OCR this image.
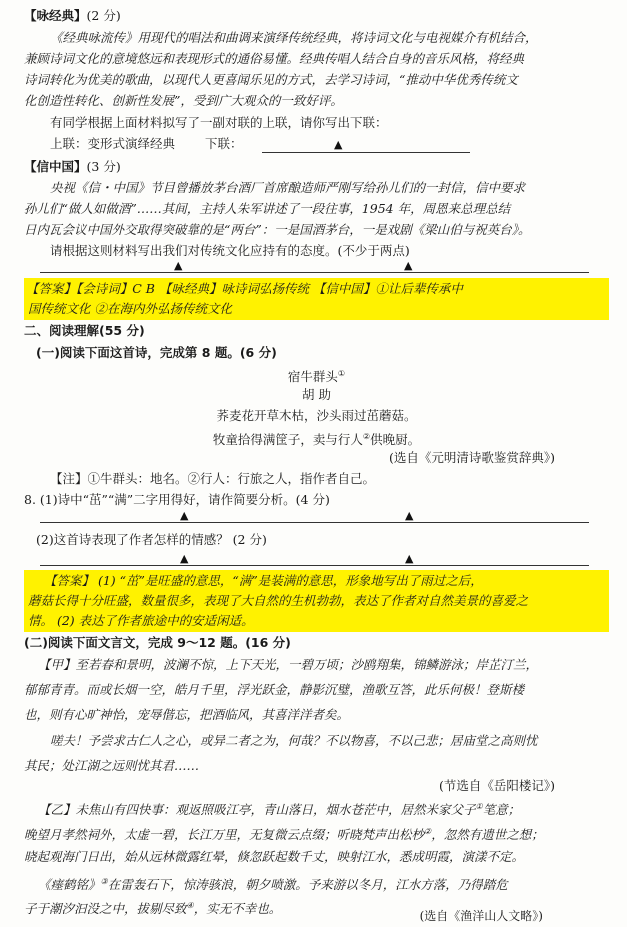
【咏经典】(2 分)
《经典咏流传》用现代的唱法和曲调来演绎传统经典，将诗词文化与电视媒介有机结合，
兼顾诗词文化的意境悠远和表现形式的通俗易懂。经典传唱人结合自身的音乐风格，将经典
诗词转化为优美的歌曲，以现代人更喜闻乐见的方式，去学习诗词，“推动中华优秀传统文
化创造性转化、创新性发展”，受到广大观众的一致好评。
有同学根据上面材料拟写了一副对联的上联，请你写出下联：
上联：变形式演绎经典 下联：	▲
【信中国】(3 分)
央视《信・中国》节目曾播放茅台酒厂首席酿造师严刚写给孙儿们的一封信，信中要求
孙儿们“做人如做酒”……其间，主持人朱军讲述了一段往事，1954 年，周恩来总理总结
日内瓦会议中国外交取得突破靠的是“两台”：一是国酒茅台，一是戏剧《梁山伯与祝英台》。
请根据这则材料写出我们对传统文化应持有的态度。(不少于两点)
▲	▲
【答案】【会诗词】C B 【咏经典】咏诗词弘扬传统 【信中国】①让后辈传承中
国传统文化 ②在海内外弘扬传统文化
二、阅读理解(55 分)
(一)阅读下面这首诗，完成第 8 题。(6 分)
宿牛群头①
胡 助
荞麦花开草木枯，沙头雨过茁蘑菇。
牧童拾得满筐子，卖与行人②供晚厨。
(选自《元明清诗歌鉴赏辞典》)
【注】①牛群头：地名。②行人：行旅之人，指作者自己。
8. (1)诗中“茁”“满”二字用得好，请作简要分析。(4 分)
▲	▲
(2)这首诗表现了作者怎样的情感？ (2 分)
▲	▲
【答案】 (1) “茁”是旺盛的意思，“满”是装满的意思，形象地写出了雨过之后，
蘑菇长得十分旺盛，数量很多，表现了大自然的生机勃勃，表达了作者对自然美景的喜爱之
情。 (2) 表达了作者旅途中的安适闲适。
(二)阅读下面文言文，完成 9～12 题。(16 分)
【甲】至若春和景明，波澜不惊，上下天光，一碧万顷；沙鸥翔集，锦鳞游泳；岸芷汀兰，
郁郁青青。而或长烟一空，皓月千里，浮光跃金，静影沉璧，渔歌互答，此乐何极！登斯楼
也，则有心旷神怡，宠辱偕忘，把酒临风，其喜洋洋者矣。
嗟夫！予尝求古仁人之心，或异二者之为，何哉？不以物喜，不以己悲；居庙堂之高则忧
其民；处江湖之远则忧其君……
(节选自《岳阳楼记》)
【乙】未焦山有四快事：观返照吸江亭，青山落日，烟水苍茫中，居然米家父子①笔意；
晚望月孝然祠外，太虚一碧，长江万里，无复微云点缀；听晓梵声出松杪②，忽然有遗世之想；
晓起观海门日出，始从远林微露红晕，倏忽跃起数千丈，映射江水，悉成明霞，演漾不定。
《瘗鹤铭》③在雷轰石下，惊涛骇浪，朝夕喷激。予来游以冬月，江水方落，乃得踏危
子于潮汐汩没之中，拔剔尽致④，实无不幸也。	(选自《渔洋山人文略》)
